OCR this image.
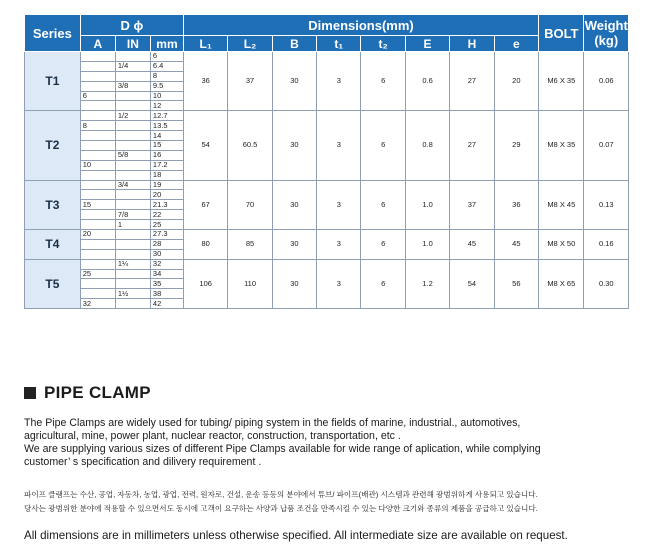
Series	D ϕ			Dimensions(mm)								BOLT	Weight
(kg)

	A	IN	mm	L₁	L₂	B	t₁	t₂	E	H	e		
T1			6	36	37	30	3	6	0.6	27	20	M6 X 35	0.06
		1/4	6.4										
			8										
		3/8	9.5										
	6		10										
			12										
T2		1/2	12.7	54	60.5	30	3	6	0.8	27	29	M8 X 35	0.07
	8		13.5										
			14										
			15										
		5/8	16										
	10		17.2										
			18										
T3		3/4	19	67	70	30	3	6	1.0	37	36	M8 X 45	0.13
			20										
	15		21.3										
		7/8	22										
		1	25										
T4	20		27.3	80	85	30	3	6	1.0	45	45	M8 X 50	0.16
			28										
			30										
T5		1¼	32	106	110	30	3	6	1.2	54	56	M8 X 65	0.30
	25		34										
			35										
		1½	38										
	32		42										
PIPE CLAMP

The Pipe Clamps are widely used for tubing/ piping system in the fields of marine, industrial., automotives,

agricultural, mine, power plant, nuclear reactor, construction, transportation, etc .

We are supplying various sizes of different Pipe Clamps available for wide range of aplication, while complying

customer’ s specification and dilivery requirement .

파이프 클램프는 수산, 공업, 자동차, 농업, 광업, 전력, 원자로, 건설, 운송 등등의 분야에서 튜브/ 파이프(배관) 시스템과 관련해 광범위하게 사용되고 있습니다.

당사는 광범위한 분야에 적용할 수 있으면서도 동시에 고객이 요구하는 사양과 납품 조건을 만족시킬 수 있는 다양한 크기와 종류의 제품을 공급하고 있습니다.

All dimensions are in millimeters unless otherwise specified. All intermediate size are available on request.
